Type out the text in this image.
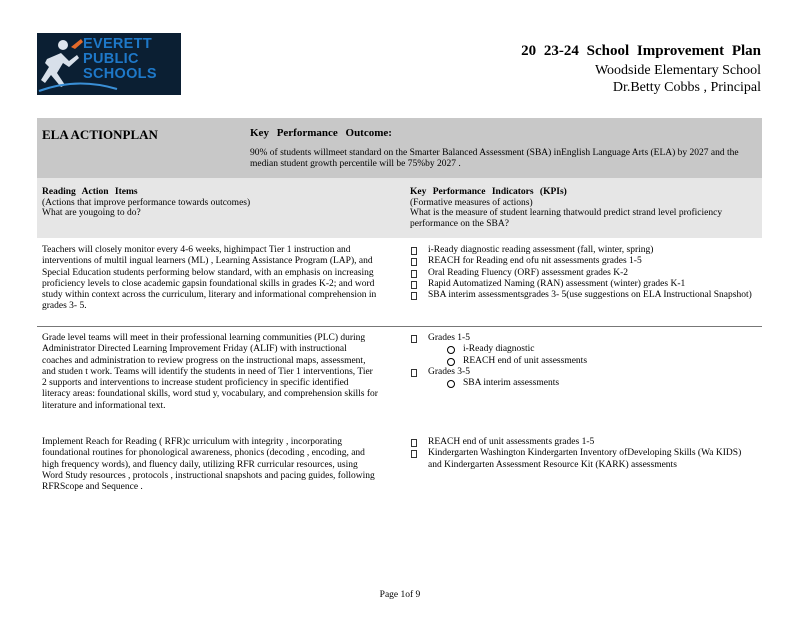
EVERETT
PUBLIC
SCHOOLS
20 23-24 School Improvement Plan
Woodside Elementary School
Dr.Betty Cobbs , Principal
ELA ACTIONPLAN	Key Performance Outcome:
90% of students willmeet standard on the Smarter Balanced Assessment (SBA) inEnglish Language Arts (ELA) by 2027 and the median student growth percentile will be 75%by 2027 .
Reading Action Items
(Actions that improve performance towards outcomes)
What are yougoing to do?
Key Performance Indicators (KPIs)
(Formative measures of actions)
What is the measure of student learning thatwould predict strand level proficiency performance on the SBA?
Teachers will closely monitor every 4-6 weeks, highimpact Tier 1 instruction and interventions of multil ingual learners (ML) , Learning Assistance Program (LAP), and Special Education students performing below standard, with an emphasis on increasing proficiency levels to close academic gapsin foundational skills in grades K-2; and word study within context across the curriculum, literary and informational comprehension in grades 3- 5.
i-Ready diagnostic reading assessment (fall, winter, spring)
REACH for Reading end ofu nit assessments grades 1-5
Oral Reading Fluency (ORF) assessment grades K-2
Rapid Automatized Naming (RAN) assessment (winter) grades K-1
SBA interim assessmentsgrades 3- 5(use suggestions on ELA Instructional Snapshot)
Grade level teams will meet in their professional learning communities (PLC) during Administrator Directed Learning Improvement Friday (ALIF) with instructional coaches and administration to review progress on the instructional maps, assessment, and studen t work. Teams will identify the students in need of Tier 1 interventions, Tier 2 supports and interventions to increase student proficiency in specific identified literacy areas: foundational skills, word stud y, vocabulary, and comprehension skills for literature and informational text.
Grades 1-5
i-Ready diagnostic
REACH end of unit assessments
Grades 3-5
SBA interim assessments
Implement Reach for Reading ( RFR)c urriculum with integrity , incorporating foundational routines for phonological awareness, phonics (decoding , encoding, and high frequency words), and fluency daily, utilizing RFR curricular resources, using Word Study resources , protocols , instructional snapshots and pacing guides, following RFRScope and Sequence .
REACH end of unit assessments grades 1-5
Kindergarten Washington Kindergarten Inventory ofDeveloping Skills (Wa KIDS) and Kindergarten Assessment Resource Kit (KARK) assessments
Page 1of 9
